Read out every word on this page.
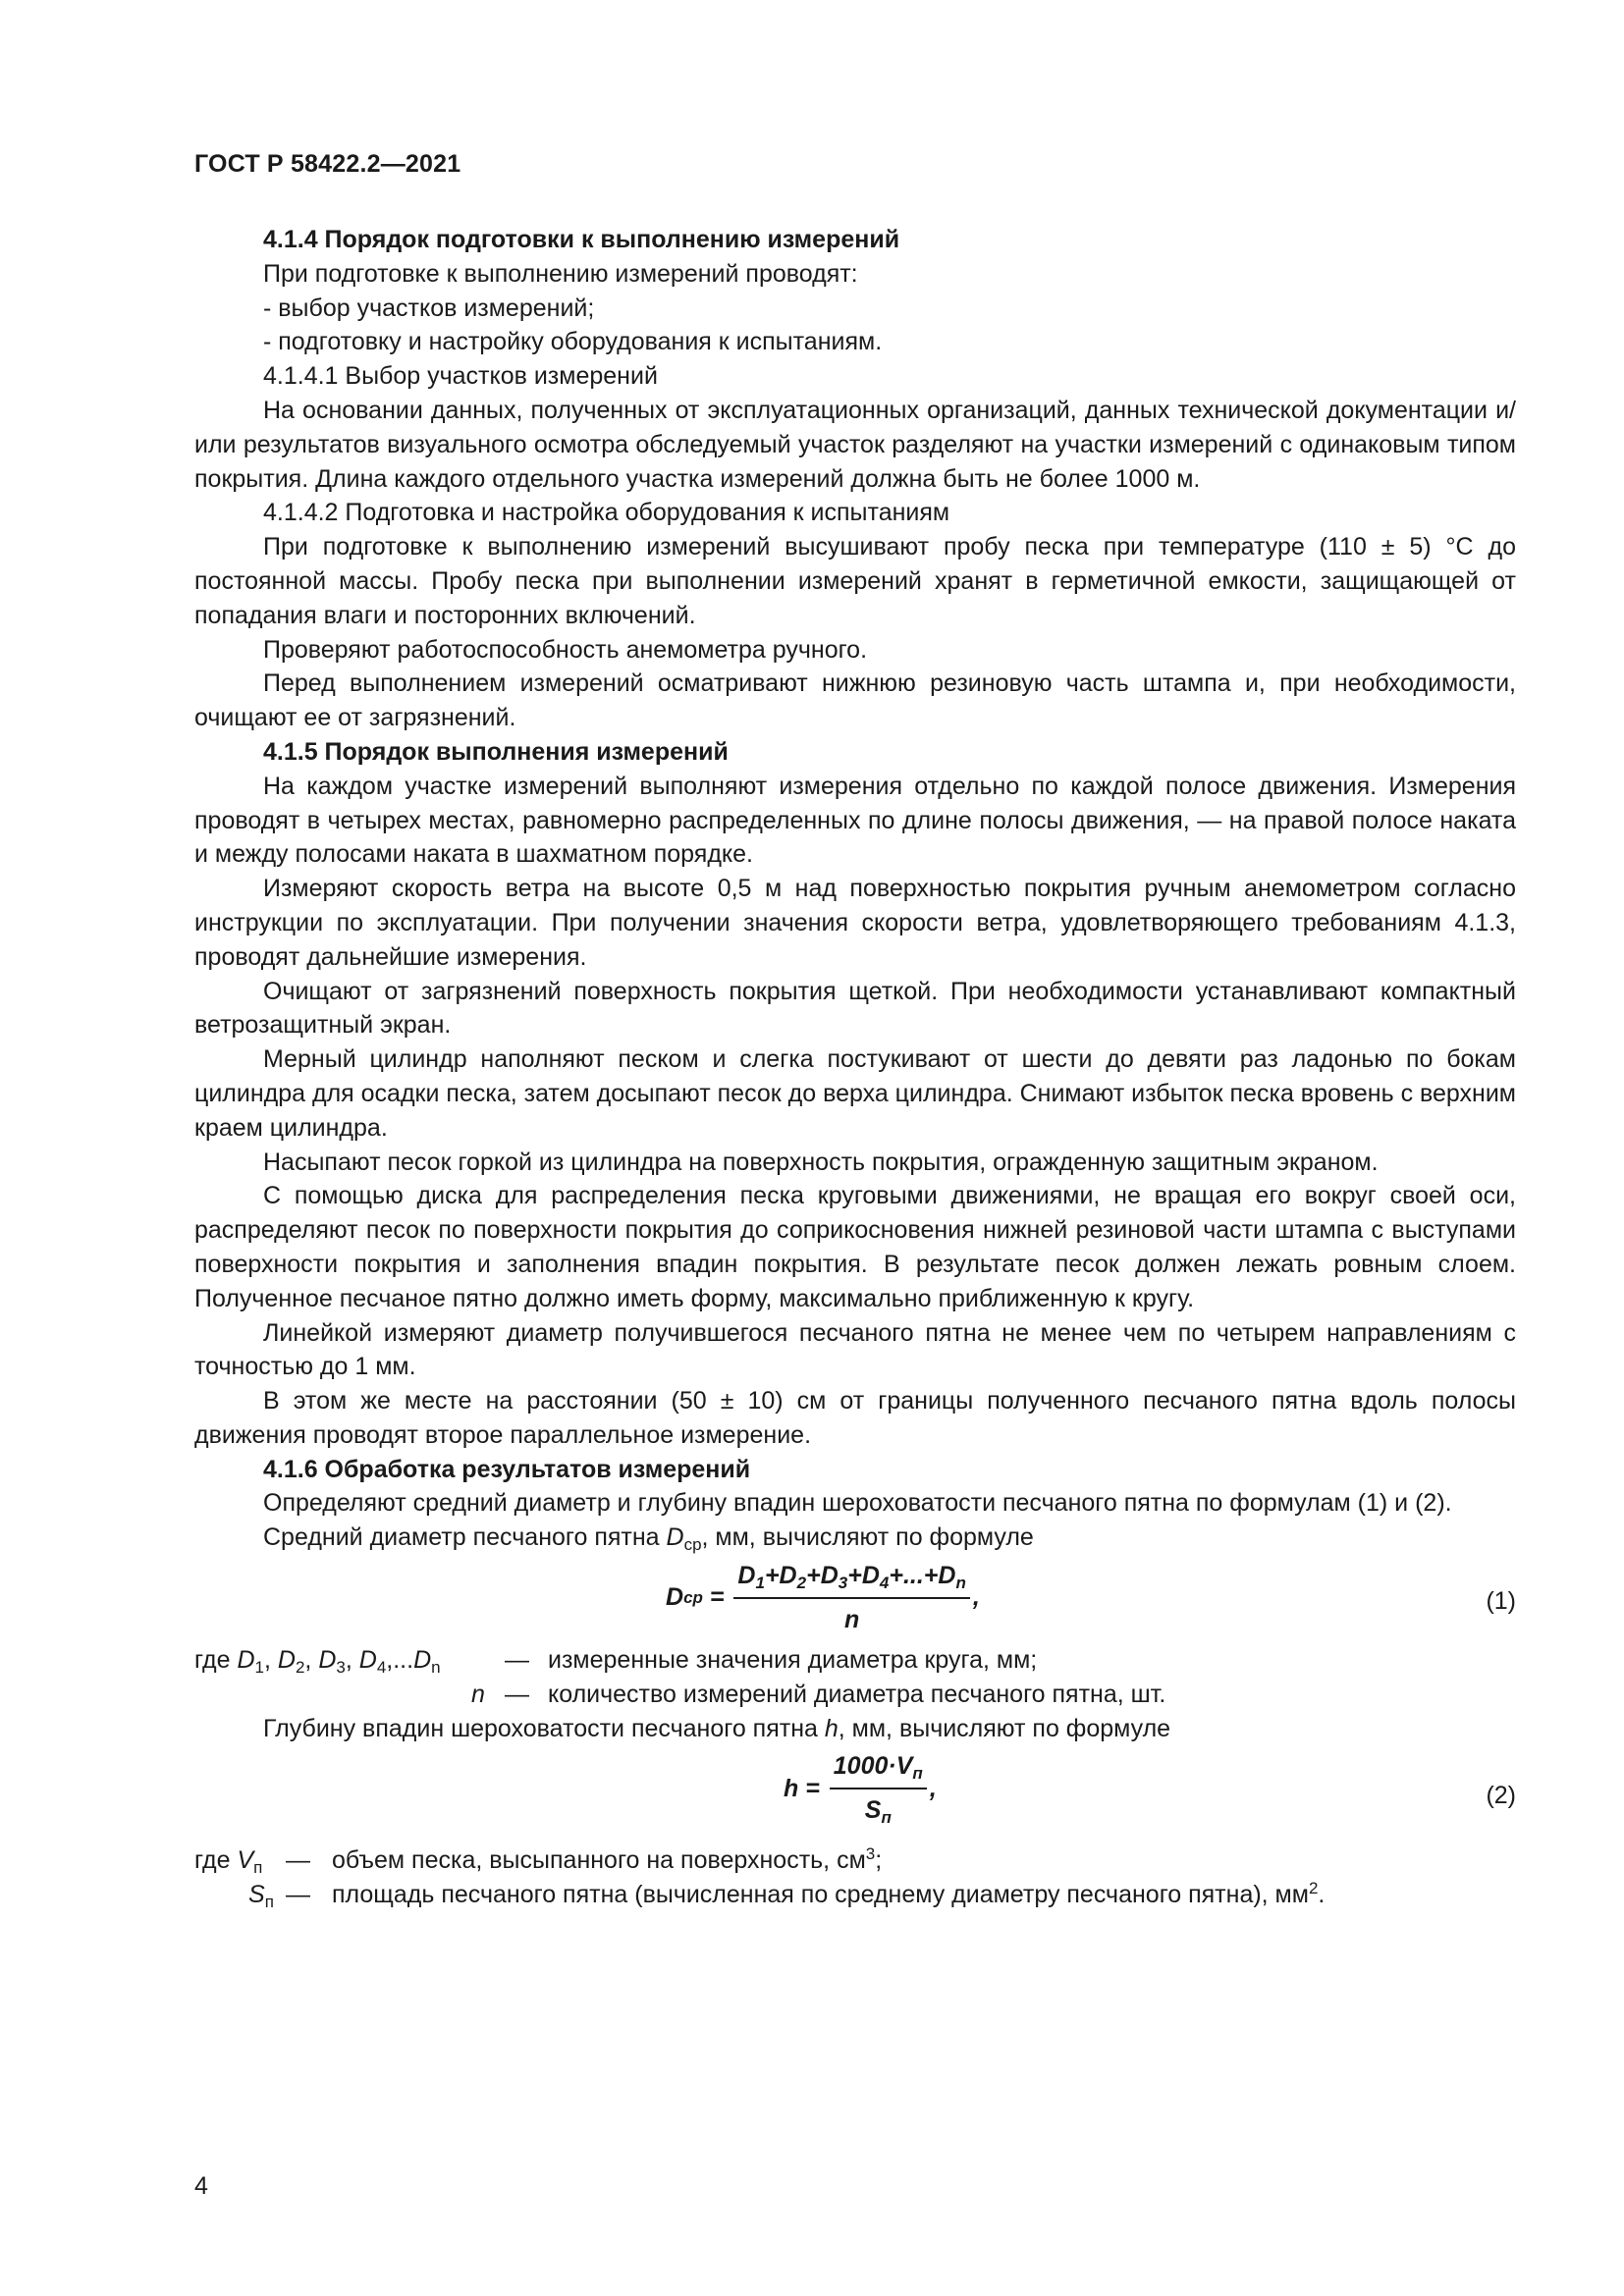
ГОСТ Р 58422.2—2021

4.1.4 Порядок подготовки к выполнению измерений

При подготовке к выполнению измерений проводят:

- выбор участков измерений;

- подготовку и настройку оборудования к испытаниям.

4.1.4.1 Выбор участков измерений

На основании данных, полученных от эксплуатационных организаций, данных технической документации и/или результатов визуального осмотра обследуемый участок разделяют на участки измерений с одинаковым типом покрытия. Длина каждого отдельного участка измерений должна быть не более 1000 м.

4.1.4.2 Подготовка и настройка оборудования к испытаниям

При подготовке к выполнению измерений высушивают пробу песка при температуре (110 ± 5) °С до постоянной массы. Пробу песка при выполнении измерений хранят в герметичной емкости, защищающей от попадания влаги и посторонних включений.

Проверяют работоспособность анемометра ручного.

Перед выполнением измерений осматривают нижнюю резиновую часть штампа и, при необходимости, очищают ее от загрязнений.

4.1.5 Порядок выполнения измерений

На каждом участке измерений выполняют измерения отдельно по каждой полосе движения. Измерения проводят в четырех местах, равномерно распределенных по длине полосы движения, — на правой полосе наката и между полосами наката в шахматном порядке.

Измеряют скорость ветра на высоте 0,5 м над поверхностью покрытия ручным анемометром согласно инструкции по эксплуатации. При получении значения скорости ветра, удовлетворяющего требованиям 4.1.3, проводят дальнейшие измерения.

Очищают от загрязнений поверхность покрытия щеткой. При необходимости устанавливают компактный ветрозащитный экран.

Мерный цилиндр наполняют песком и слегка постукивают от шести до девяти раз ладонью по бокам цилиндра для осадки песка, затем досыпают песок до верха цилиндра. Снимают избыток песка вровень с верхним краем цилиндра.

Насыпают песок горкой из цилиндра на поверхность покрытия, огражденную защитным экраном.

С помощью диска для распределения песка круговыми движениями, не вращая его вокруг своей оси, распределяют песок по поверхности покрытия до соприкосновения нижней резиновой части штампа с выступами поверхности покрытия и заполнения впадин покрытия. В результате песок должен лежать ровным слоем. Полученное песчаное пятно должно иметь форму, максимально приближенную к кругу.

Линейкой измеряют диаметр получившегося песчаного пятна не менее чем по четырем направлениям с точностью до 1 мм.

В этом же месте на расстоянии (50 ± 10) см от границы полученного песчаного пятна вдоль полосы движения проводят второе параллельное измерение.

4.1.6 Обработка результатов измерений

Определяют средний диаметр и глубину впадин шероховатости песчаного пятна по формулам (1) и (2).

Средний диаметр песчаного пятна $D_{ср}$, мм, вычисляют по формуле

D ср = $\frac{D_1+D_2+D_3+D_4+...+D_n}{n}$ ,	(1)
где $D_1$, $D_2$, $D_3$, $D_4,...D_n$	— измеренные значения диаметра круга, мм;
n — количество измерений диаметра песчаного пятна, шт.

Глубину впадин шероховатости песчаного пятна h, мм, вычисляют по формуле

$h = \frac{1000\cdot V_п}{S_п}$ ,	(2)
где $V_п$ — объем песка, высыпанного на поверхность, $см^3$;
$S_п$ — площадь песчаного пятна (вычисленная по среднему диаметру песчаного пятна), $мм^2$.
4
